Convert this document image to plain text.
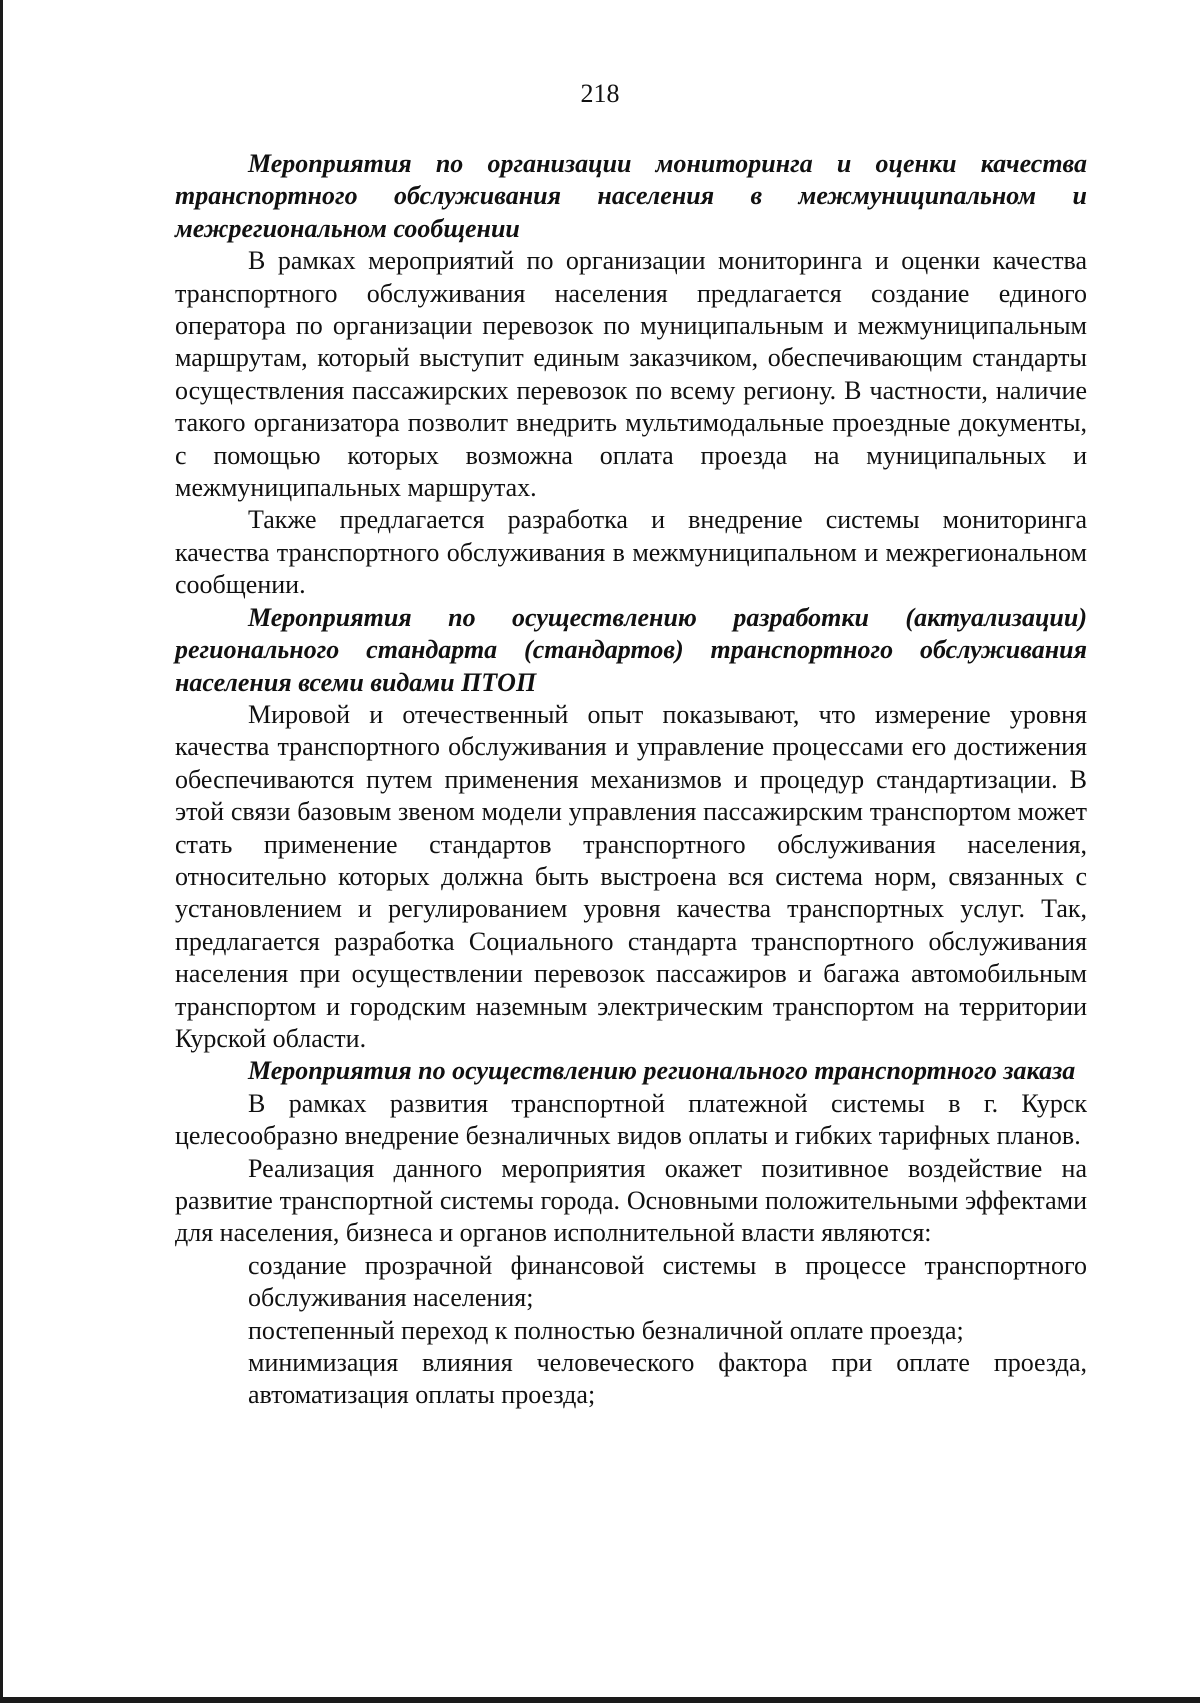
218

Мероприятия по организации мониторинга и оценки качества транспортного обслуживания населения в межмуниципальном и межрегиональном сообщении

В рамках мероприятий по организации мониторинга и оценки качества транспортного обслуживания населения предлагается создание единого оператора по организации перевозок по муниципальным и межмуниципальным маршрутам, который выступит единым заказчиком, обеспечивающим стандарты осуществления пассажирских перевозок по всему региону. В частности, наличие такого организатора позволит внедрить мультимодальные проездные документы, с помощью которых возможна оплата проезда на муниципальных и межмуниципальных маршрутах.

Также предлагается разработка и внедрение системы мониторинга качества транспортного обслуживания в межмуниципальном и межрегиональном сообщении.

Мероприятия по осуществлению разработки (актуализации) регионального стандарта (стандартов) транспортного обслуживания населения всеми видами ПТОП

Мировой и отечественный опыт показывают, что измерение уровня качества транспортного обслуживания и управление процессами его достижения обеспечиваются путем применения механизмов и процедур стандартизации. В этой связи базовым звеном модели управления пассажирским транспортом может стать применение стандартов транспортного обслуживания населения, относительно которых должна быть выстроена вся система норм, связанных с установлением и регулированием уровня качества транспортных услуг. Так, предлагается разработка Социального стандарта транспортного обслуживания населения при осуществлении перевозок пассажиров и багажа автомобильным транспортом и городским наземным электрическим транспортом на территории Курской области.

Мероприятия по осуществлению регионального транспортного заказа

В рамках развития транспортной платежной системы в г. Курск целесообразно внедрение безналичных видов оплаты и гибких тарифных планов.

Реализация данного мероприятия окажет позитивное воздействие на развитие транспортной системы города. Основными положительными эффектами для населения, бизнеса и органов исполнительной власти являются:

создание прозрачной финансовой системы в процессе транспортного обслуживания населения;

постепенный переход к полностью безналичной оплате проезда;

минимизация влияния человеческого фактора при оплате проезда, автоматизация оплаты проезда;
